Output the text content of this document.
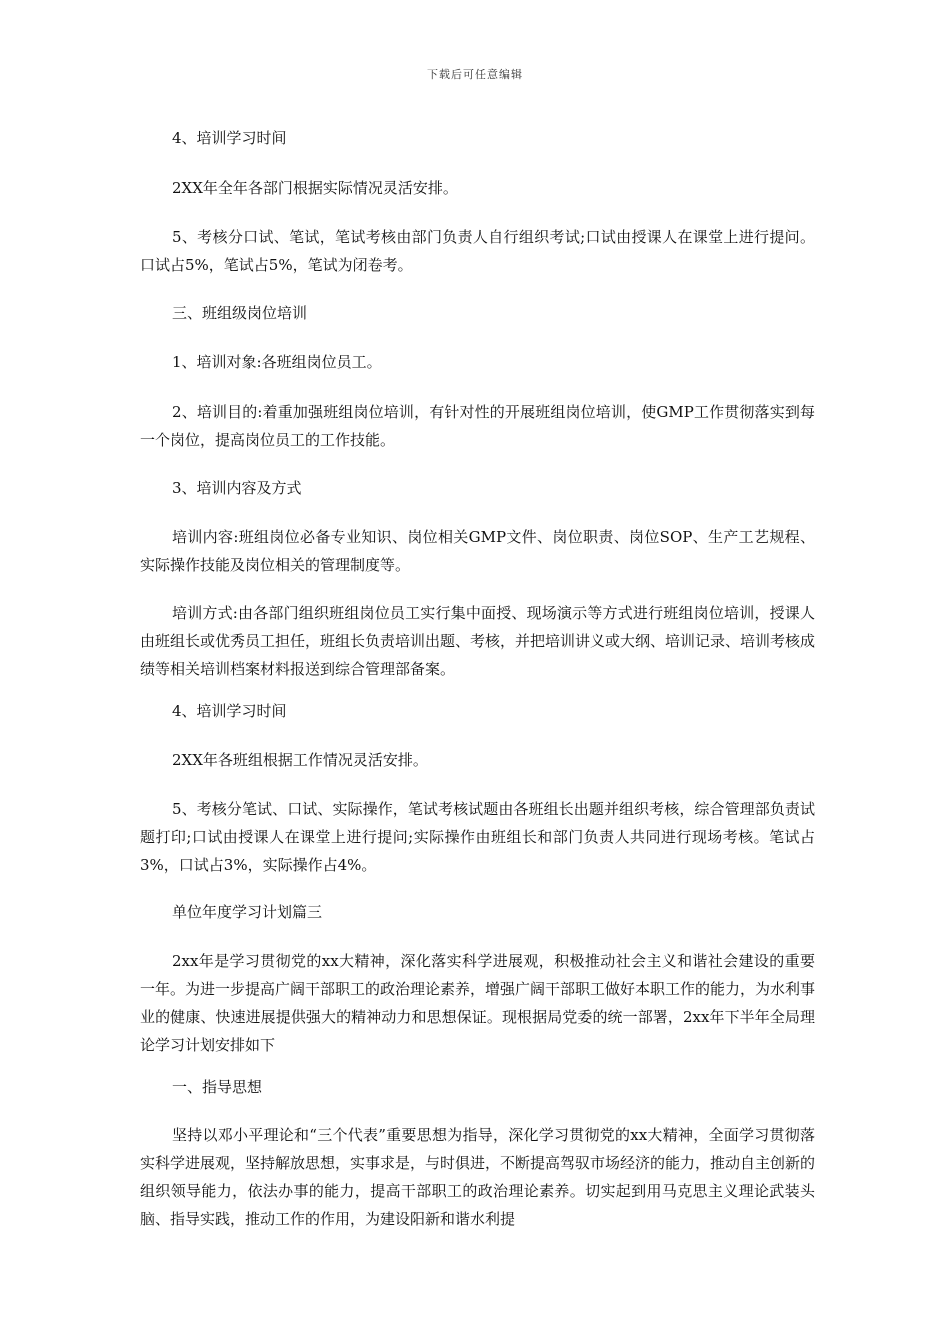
下载后可任意编辑
4、培训学习时间
2XX年全年各部门根据实际情况灵活安排。
5、考核分口试、笔试，笔试考核由部门负责人自行组织考试;口试由授课人在课堂上进行提问。口试占5%，笔试占5%，笔试为闭卷考。
三、班组级岗位培训
1、培训对象:各班组岗位员工。
2、培训目的:着重加强班组岗位培训，有针对性的开展班组岗位培训，使GMP工作贯彻落实到每一个岗位，提高岗位员工的工作技能。
3、培训内容及方式
培训内容:班组岗位必备专业知识、岗位相关GMP文件、岗位职责、岗位SOP、生产工艺规程、实际操作技能及岗位相关的管理制度等。
培训方式:由各部门组织班组岗位员工实行集中面授、现场演示等方式进行班组岗位培训，授课人由班组长或优秀员工担任，班组长负责培训出题、考核，并把培训讲义或大纲、培训记录、培训考核成绩等相关培训档案材料报送到综合管理部备案。
4、培训学习时间
2XX年各班组根据工作情况灵活安排。
5、考核分笔试、口试、实际操作，笔试考核试题由各班组长出题并组织考核，综合管理部负责试题打印;口试由授课人在课堂上进行提问;实际操作由班组长和部门负责人共同进行现场考核。笔试占3%，口试占3%，实际操作占4%。
单位年度学习计划篇三
2xx年是学习贯彻党的xx大精神，深化落实科学进展观，积极推动社会主义和谐社会建设的重要一年。为进一步提高广阔干部职工的政治理论素养，增强广阔干部职工做好本职工作的能力，为水利事业的健康、快速进展提供强大的精神动力和思想保证。现根据局党委的统一部署，2xx年下半年全局理论学习计划安排如下
一、指导思想
坚持以邓小平理论和“三个代表”重要思想为指导，深化学习贯彻党的xx大精神，全面学习贯彻落实科学进展观，坚持解放思想，实事求是，与时俱进，不断提高驾驭市场经济的能力，推动自主创新的组织领导能力，依法办事的能力，提高干部职工的政治理论素养。切实起到用马克思主义理论武装头脑、指导实践，推动工作的作用，为建设阳新和谐水利提
